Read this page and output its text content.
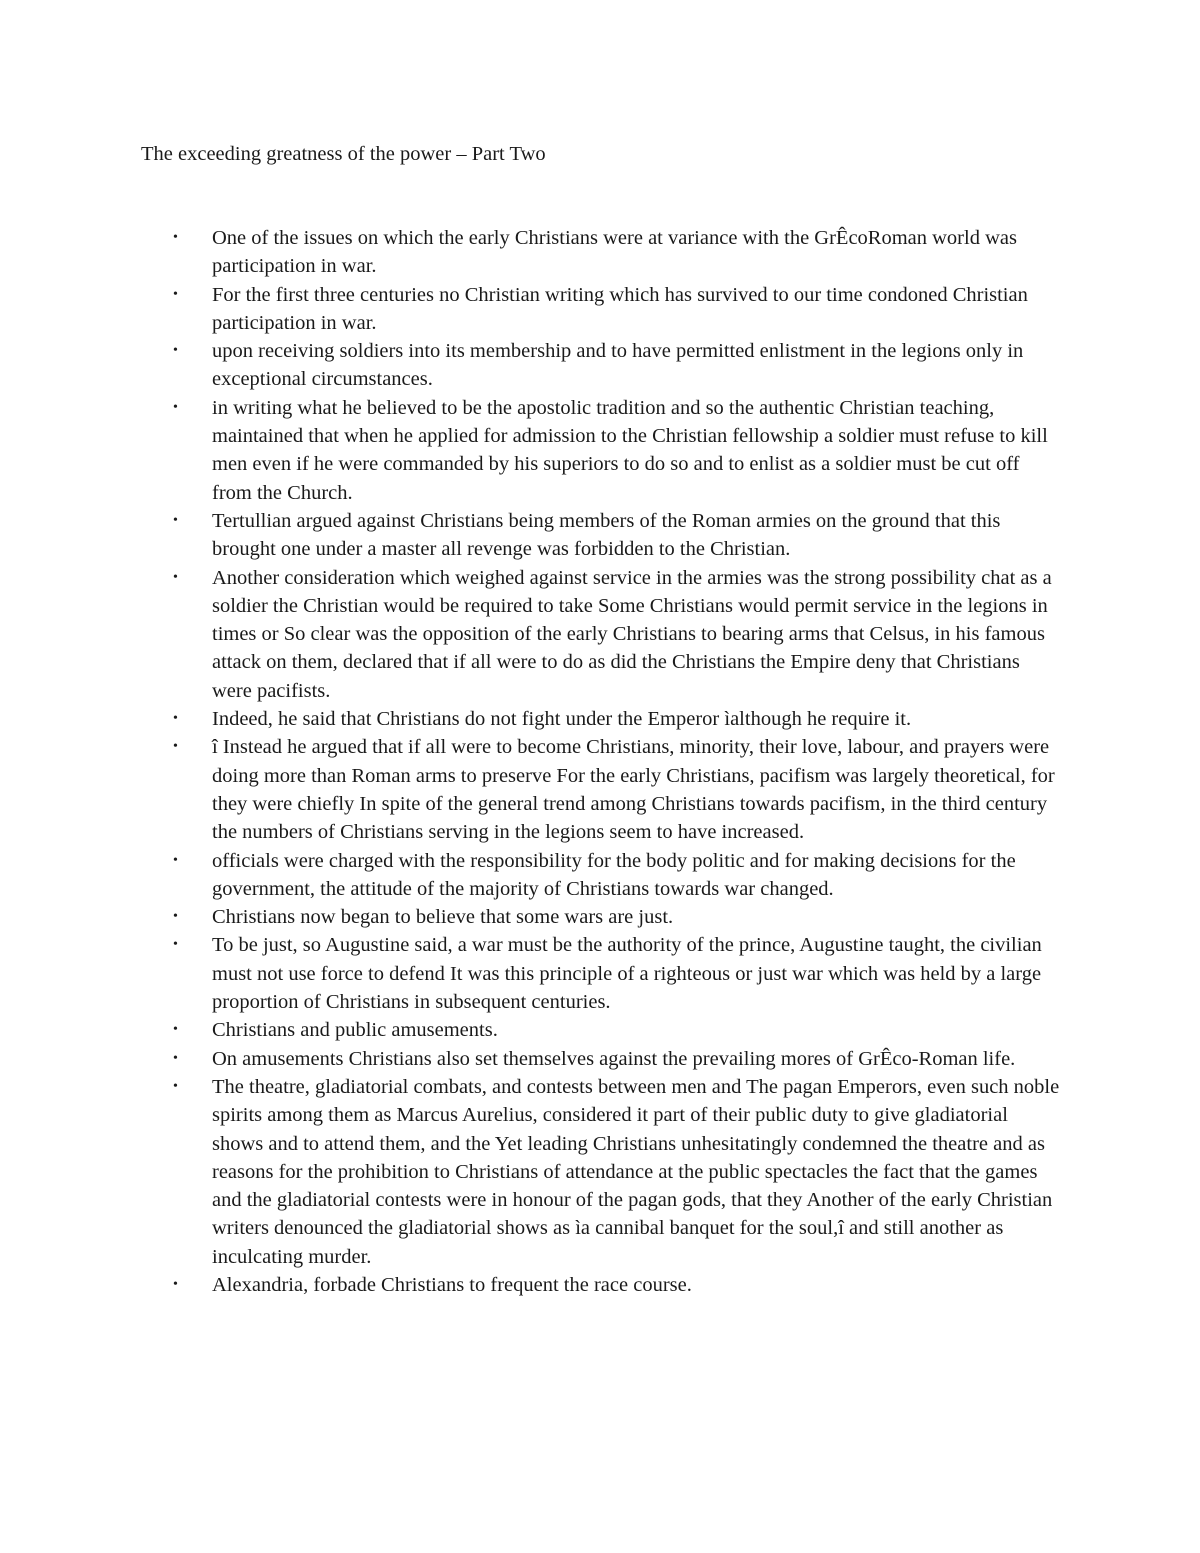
The exceeding greatness of the power – Part Two
• One of the issues on which the early Christians were at variance with the GrÊcoRoman world was participation in war.
• For the first three centuries no Christian writing which has survived to our time condoned Christian participation in war.
• upon receiving soldiers into its membership and to have permitted enlistment in the legions only in exceptional circumstances.
• in writing what he believed to be the apostolic tradition and so the authentic Christian teaching, maintained that when he applied for admission to the Christian fellowship a soldier must refuse to kill men even if he were commanded by his superiors to do so and to enlist as a soldier must be cut off from the Church.
• Tertullian argued against Christians being members of the Roman armies on the ground that this brought one under a master all revenge was forbidden to the Christian.
• Another consideration which weighed against service in the armies was the strong possibility chat as a soldier the Christian would be required to take Some Christians would permit service in the legions in times or So clear was the opposition of the early Christians to bearing arms that Celsus, in his famous attack on them, declared that if all were to do as did the Christians the Empire deny that Christians were pacifists.
• Indeed, he said that Christians do not fight under the Emperor ìalthough he require it.
• î Instead he argued that if all were to become Christians, minority, their love, labour, and prayers were doing more than Roman arms to preserve For the early Christians, pacifism was largely theoretical, for they were chiefly In spite of the general trend among Christians towards pacifism, in the third century the numbers of Christians serving in the legions seem to have increased.
• officials were charged with the responsibility for the body politic and for making decisions for the government, the attitude of the majority of Christians towards war changed.
• Christians now began to believe that some wars are just.
• To be just, so Augustine said, a war must be the authority of the prince, Augustine taught, the civilian must not use force to defend It was this principle of a righteous or just war which was held by a large proportion of Christians in subsequent centuries.
• Christians and public amusements.
• On amusements Christians also set themselves against the prevailing mores of GrÊco-Roman life.
• The theatre, gladiatorial combats, and contests between men and The pagan Emperors, even such noble spirits among them as Marcus Aurelius, considered it part of their public duty to give gladiatorial shows and to attend them, and the Yet leading Christians unhesitatingly condemned the theatre and as reasons for the prohibition to Christians of attendance at the public spectacles the fact that the games and the gladiatorial contests were in honour of the pagan gods, that they Another of the early Christian writers denounced the gladiatorial shows as ìa cannibal banquet for the soul,î and still another as inculcating murder.
• Alexandria, forbade Christians to frequent the race course.
